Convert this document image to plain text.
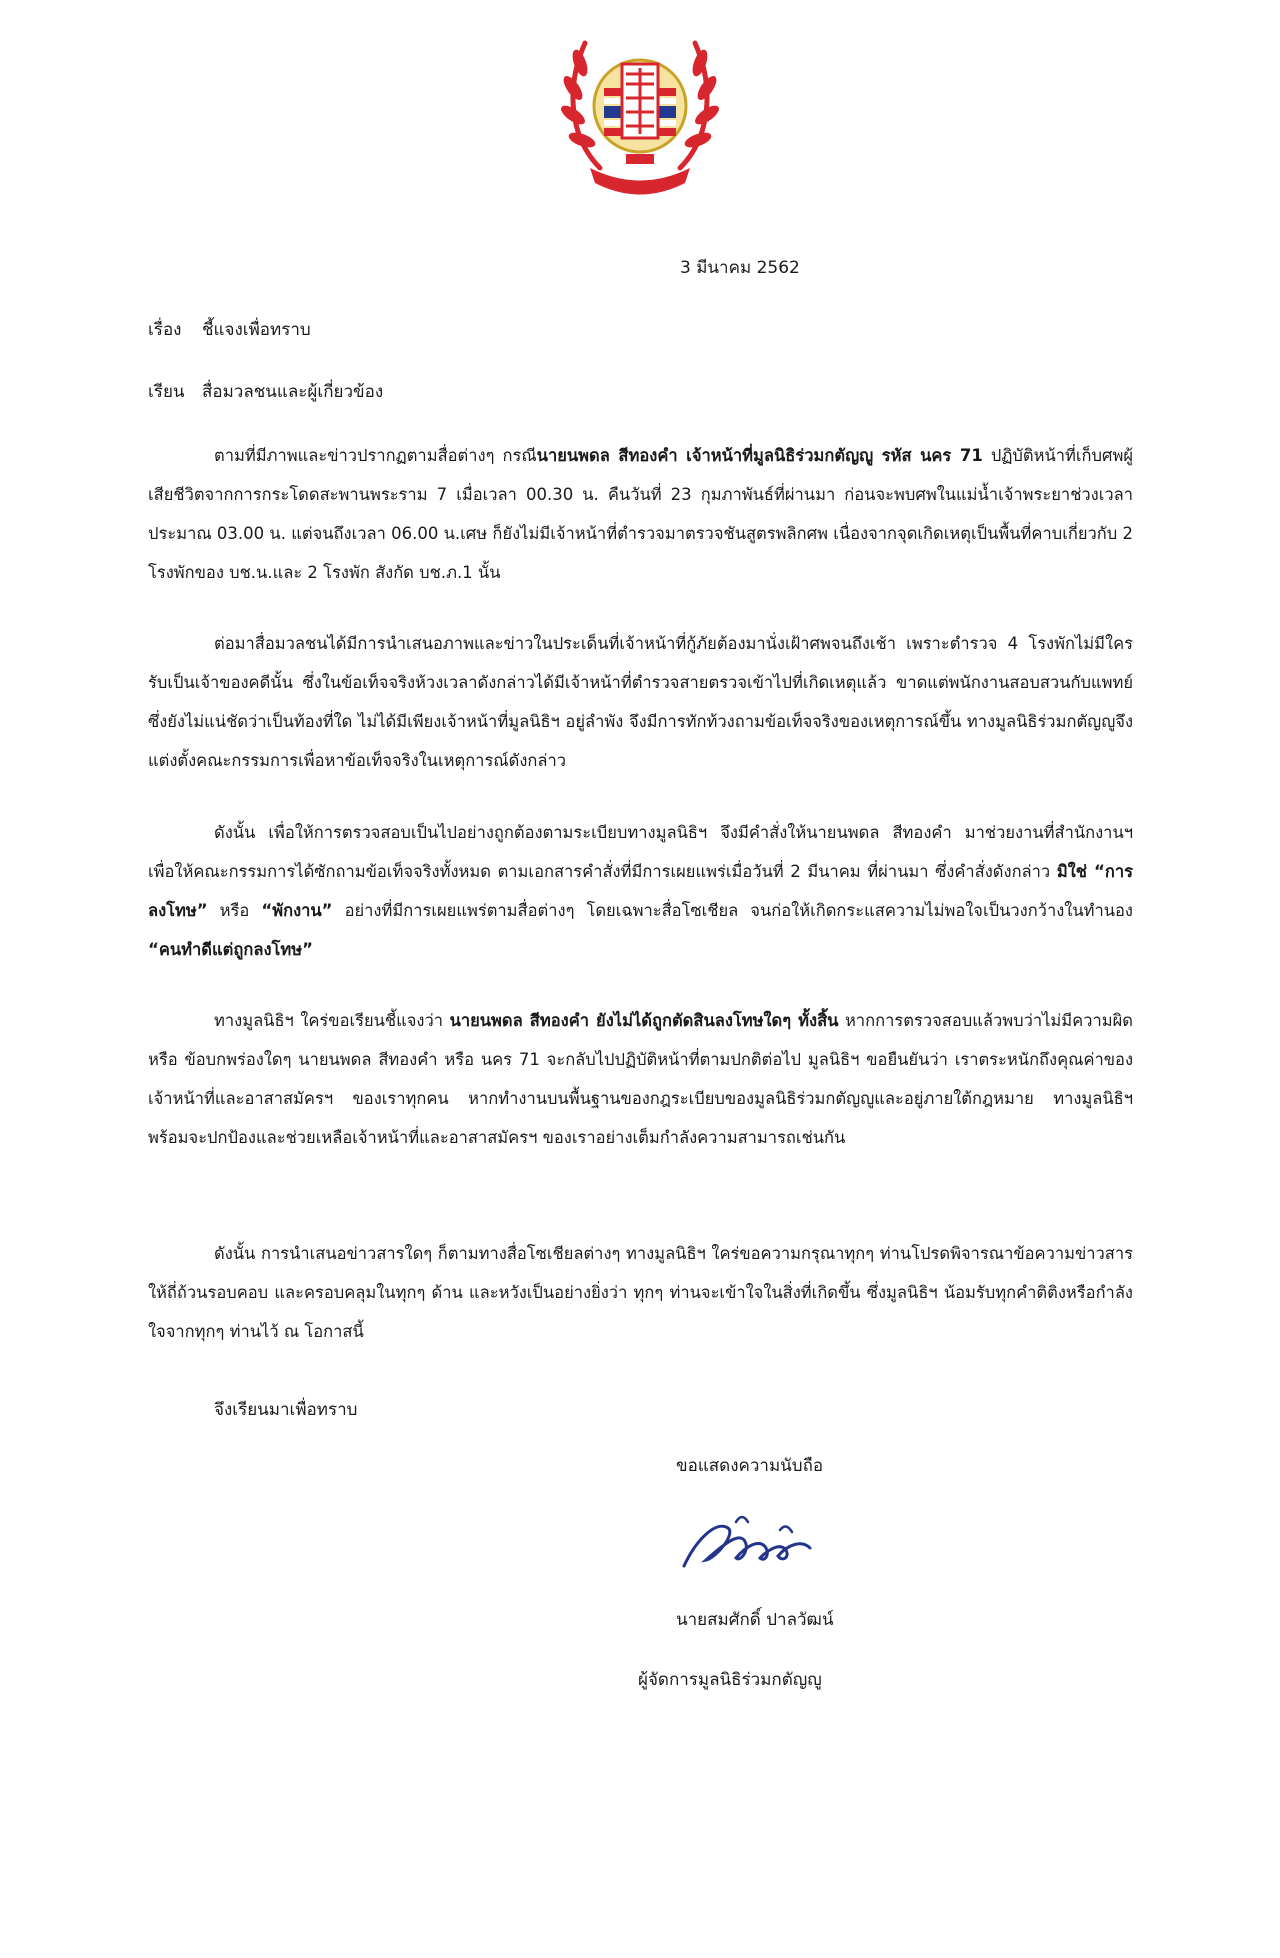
3 มีนาคม 2562
เรื่อง ชี้แจงเพื่อทราบ
เรียน สื่อมวลชนและผู้เกี่ยวข้อง

ตามที่มีภาพและข่าวปรากฏตามสื่อต่างๆ กรณีนายนพดล สีทองคำ เจ้าหน้าที่มูลนิธิร่วมกตัญญู รหัส นคร 71 ปฏิบัติหน้าที่เก็บศพผู้เสียชีวิตจากการกระโดดสะพานพระราม 7 เมื่อเวลา 00.30 น. คืนวันที่ 23 กุมภาพันธ์ที่ผ่านมา ก่อนจะพบศพในแม่น้ำเจ้าพระยาช่วงเวลาประมาณ 03.00 น. แต่จนถึงเวลา 06.00 น.เศษ ก็ยังไม่มีเจ้าหน้าที่ตำรวจมาตรวจชันสูตรพลิกศพ เนื่องจากจุดเกิดเหตุเป็นพื้นที่คาบเกี่ยวกับ 2 โรงพักของ บช.น.และ 2 โรงพัก สังกัด บช.ภ.1 นั้น

ต่อมาสื่อมวลชนได้มีการนำเสนอภาพและข่าวในประเด็นที่เจ้าหน้าที่กู้ภัยต้องมานั่งเฝ้าศพจนถึงเช้า เพราะตำรวจ 4 โรงพักไม่มีใครรับเป็นเจ้าของคดีนั้น ซึ่งในข้อเท็จจริงห้วงเวลาดังกล่าวได้มีเจ้าหน้าที่ตำรวจสายตรวจเข้าไปที่เกิดเหตุแล้ว ขาดแต่พนักงานสอบสวนกับแพทย์ซึ่งยังไม่แน่ชัดว่าเป็นท้องที่ใด ไม่ได้มีเพียงเจ้าหน้าที่มูลนิธิฯ อยู่ลำพัง จึงมีการทักท้วงถามข้อเท็จจริงของเหตุการณ์ขึ้น ทางมูลนิธิร่วมกตัญญูจึงแต่งตั้งคณะกรรมการเพื่อหาข้อเท็จจริงในเหตุการณ์ดังกล่าว

ดังนั้น เพื่อให้การตรวจสอบเป็นไปอย่างถูกต้องตามระเบียบทางมูลนิธิฯ จึงมีคำสั่งให้นายนพดล สีทองคำ มาช่วยงานที่สำนักงานฯ เพื่อให้คณะกรรมการได้ซักถามข้อเท็จจริงทั้งหมด ตามเอกสารคำสั่งที่มีการเผยแพร่เมื่อวันที่ 2 มีนาคม ที่ผ่านมา ซึ่งคำสั่งดังกล่าว มิใช่ “การลงโทษ” หรือ “พักงาน” อย่างที่มีการเผยแพร่ตามสื่อต่างๆ โดยเฉพาะสื่อโซเชียล จนก่อให้เกิดกระแสความไม่พอใจเป็นวงกว้างในทำนอง “คนทำดีแต่ถูกลงโทษ”

ทางมูลนิธิฯ ใคร่ขอเรียนชี้แจงว่า นายนพดล สีทองคำ ยังไม่ได้ถูกตัดสินลงโทษใดๆ ทั้งสิ้น หากการตรวจสอบแล้วพบว่าไม่มีความผิด หรือ ข้อบกพร่องใดๆ นายนพดล สีทองคำ หรือ นคร 71 จะกลับไปปฏิบัติหน้าที่ตามปกติต่อไป มูลนิธิฯ ขอยืนยันว่า เราตระหนักถึงคุณค่าของเจ้าหน้าที่และอาสาสมัครฯ ของเราทุกคน หากทำงานบนพื้นฐานของกฎระเบียบของมูลนิธิร่วมกตัญญูและอยู่ภายใต้กฎหมาย ทางมูลนิธิฯ พร้อมจะปกป้องและช่วยเหลือเจ้าหน้าที่และอาสาสมัครฯ ของเราอย่างเต็มกำลังความสามารถเช่นกัน

ดังนั้น การนำเสนอข่าวสารใดๆ ก็ตามทางสื่อโซเชียลต่างๆ ทางมูลนิธิฯ ใคร่ขอความกรุณาทุกๆ ท่านโปรดพิจารณาข้อความข่าวสารให้ถี่ถ้วนรอบคอบ และครอบคลุมในทุกๆ ด้าน และหวังเป็นอย่างยิ่งว่า ทุกๆ ท่านจะเข้าใจในสิ่งที่เกิดขึ้น ซึ่งมูลนิธิฯ น้อมรับทุกคำติติงหรือกำลังใจจากทุกๆ ท่านไว้ ณ โอกาสนี้

จึงเรียนมาเพื่อทราบ
ขอแสดงความนับถือ
นายสมศักดิ์ ปาลวัฒน์
ผู้จัดการมูลนิธิร่วมกตัญญู
